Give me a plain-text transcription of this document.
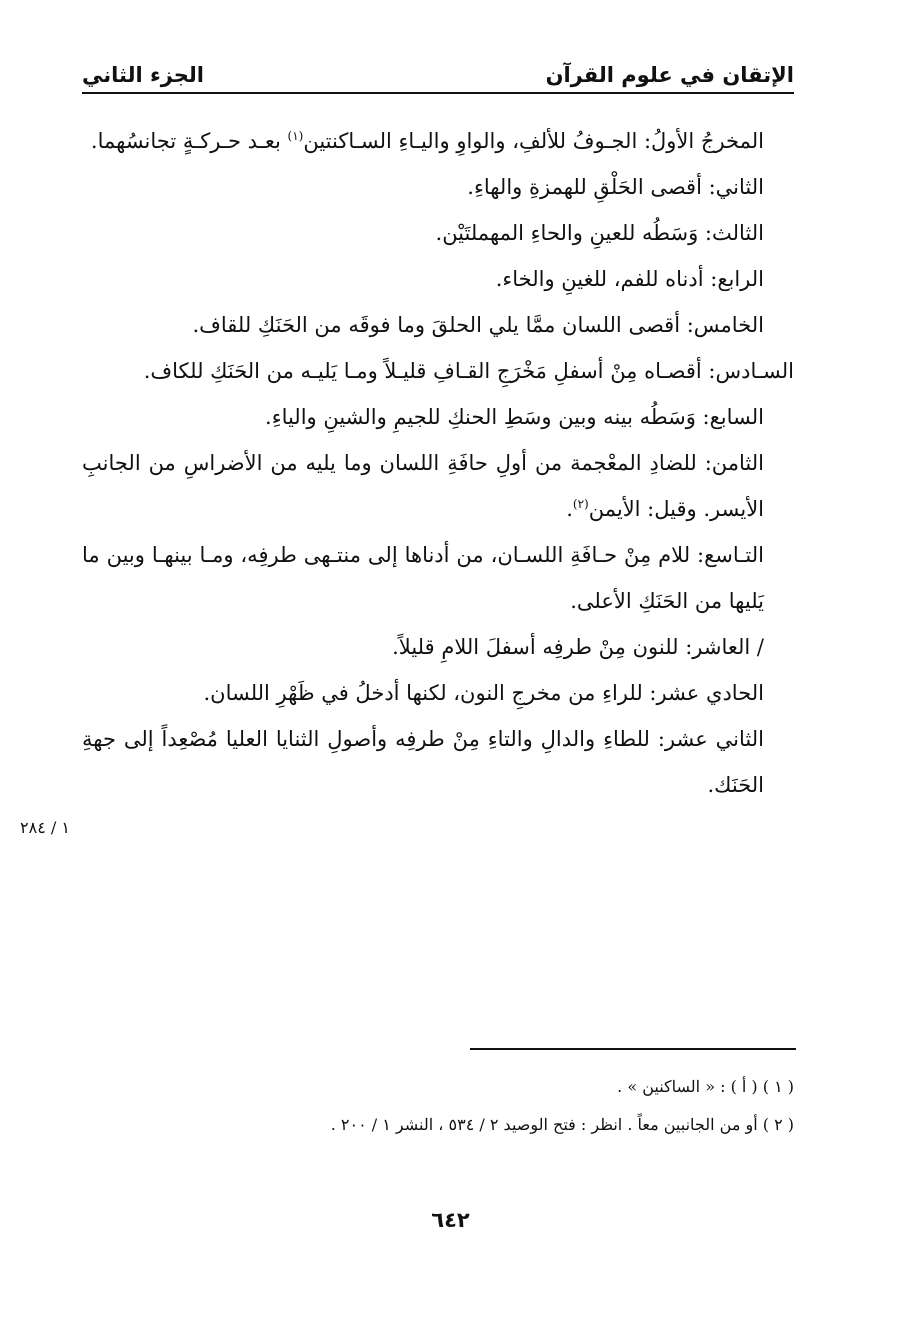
الإتقان في علوم القرآن
الجزء الثاني

المخرجُ الأولُ: الجـوفُ للألفِ، والواوِ واليـاءِ السـاكنتين$^{(١)}$ بعـد حـركـةٍ تجانسُهما.

الثاني: أقصى الحَلْقِ للهمزةِ والهاءِ.

الثالث: وَسَطُه للعينِ والحاءِ المهملتَيْن.

الرابع: أدناه للفم، للغينِ والخاء.

الخامس: أقصى اللسان ممَّا يلي الحلقَ وما فوقَه من الحَنَكِ للقاف.

السـادس: أقصـاه مِنْ أسفلِ مَخْرَجِ القـافِ قليـلاً ومـا يَليـه من الحَنَكِ للكاف.

السابع: وَسَطُه بينه وبين وسَطِ الحنكِ للجيمِ والشينِ والياءِ.

الثامن: للضادِ المعْجمة من أولِ حافَةِ اللسان وما يليه من الأضراسِ من الجانبِ الأيسر. وقيل: الأيمن$^{(٢)}$.

التـاسع: للام مِنْ حـافَةِ اللسـان، من أدناها إلى منتـهى طرفِه، ومـا بينهـا وبين ما يَليها من الحَنَكِ الأعلى.

/ العاشر: للنون مِنْ طرفِه أسفلَ اللامِ قليلاً.

الحادي عشر: للراءِ من مخرجِ النون، لكنها أدخلُ في ظَهْرِ اللسان.

الثاني عشر: للطاءِ والدالِ والتاءِ مِنْ طرفِه وأصولِ الثنايا العليا مُصْعِداً إلى جهةِ الحَنَك.

١ / ٢٨٤

( ١ ) ( أ ) : « الساكنين » .

( ٢ ) أو من الجانبين معاً . انظر : فتح الوصيد ٢ / ٥٣٤ ، النشر ١ / ٢٠٠ .

٦٤٢
